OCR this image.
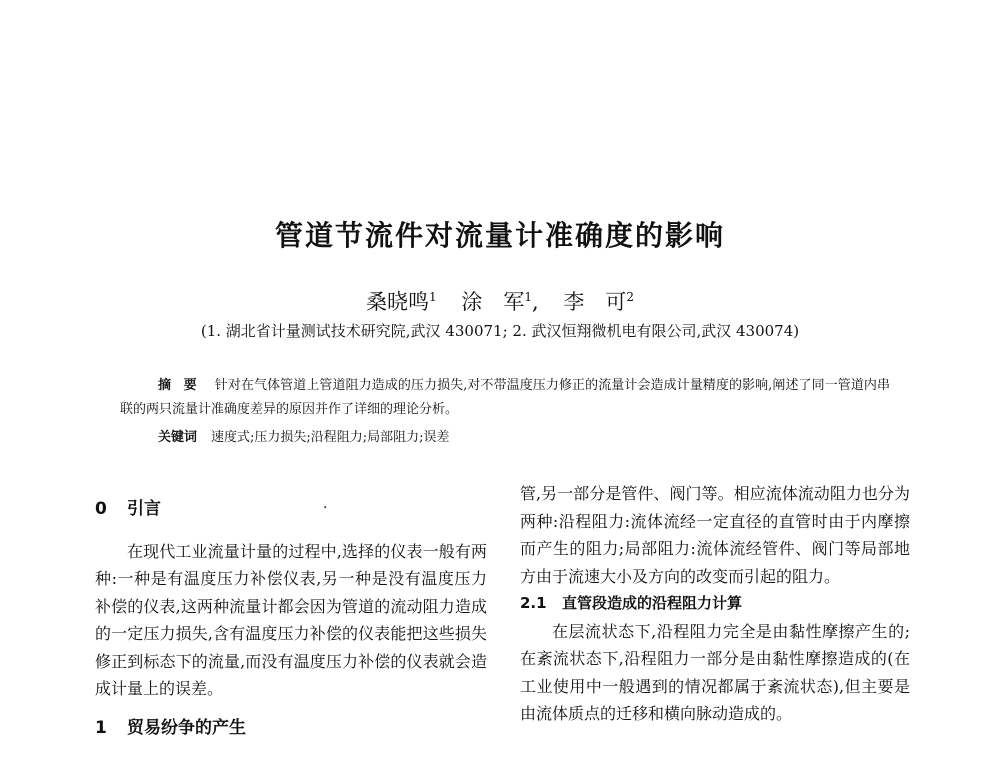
管道节流件对流量计准确度的影响
桑晓鸣$^1$ 涂　军$^1$, 李　可$^2$
(1. 湖北省计量测试技术研究院,武汉 430071; 2. 武汉恒翔微机电有限公司,武汉 430074)

摘 要 针对在气体管道上管道阻力造成的压力损失,对不带温度压力修正的流量计会造成计量精度的影响,阐述了同一管道内串联的两只流量计准确度差异的原因并作了详细的理论分析。

关键词 速度式;压力损失;沿程阻力;局部阻力;误差
·
0 引言

在现代工业流量计量的过程中,选择的仪表一般有两种:一种是有温度压力补偿仪表,另一种是没有温度压力补偿的仪表,这两种流量计都会因为管道的流动阻力造成的一定压力损失,含有温度压力补偿的仪表能把这些损失修正到标态下的流量,而没有温度压力补偿的仪表就会造成计量上的误差。

1 贸易纷争的产生

管,另一部分是管件、阀门等。相应流体流动阻力也分为两种:沿程阻力:流体流经一定直径的直管时由于内摩擦而产生的阻力;局部阻力:流体流经管件、阀门等局部地方由于流速大小及方向的改变而引起的阻力。

2.1 直管段造成的沿程阻力计算

在层流状态下,沿程阻力完全是由黏性摩擦产生的;在紊流状态下,沿程阻力一部分是由黏性摩擦造成的(在工业使用中一般遇到的情况都属于紊流状态),但主要是由流体质点的迁移和横向脉动造成的。
